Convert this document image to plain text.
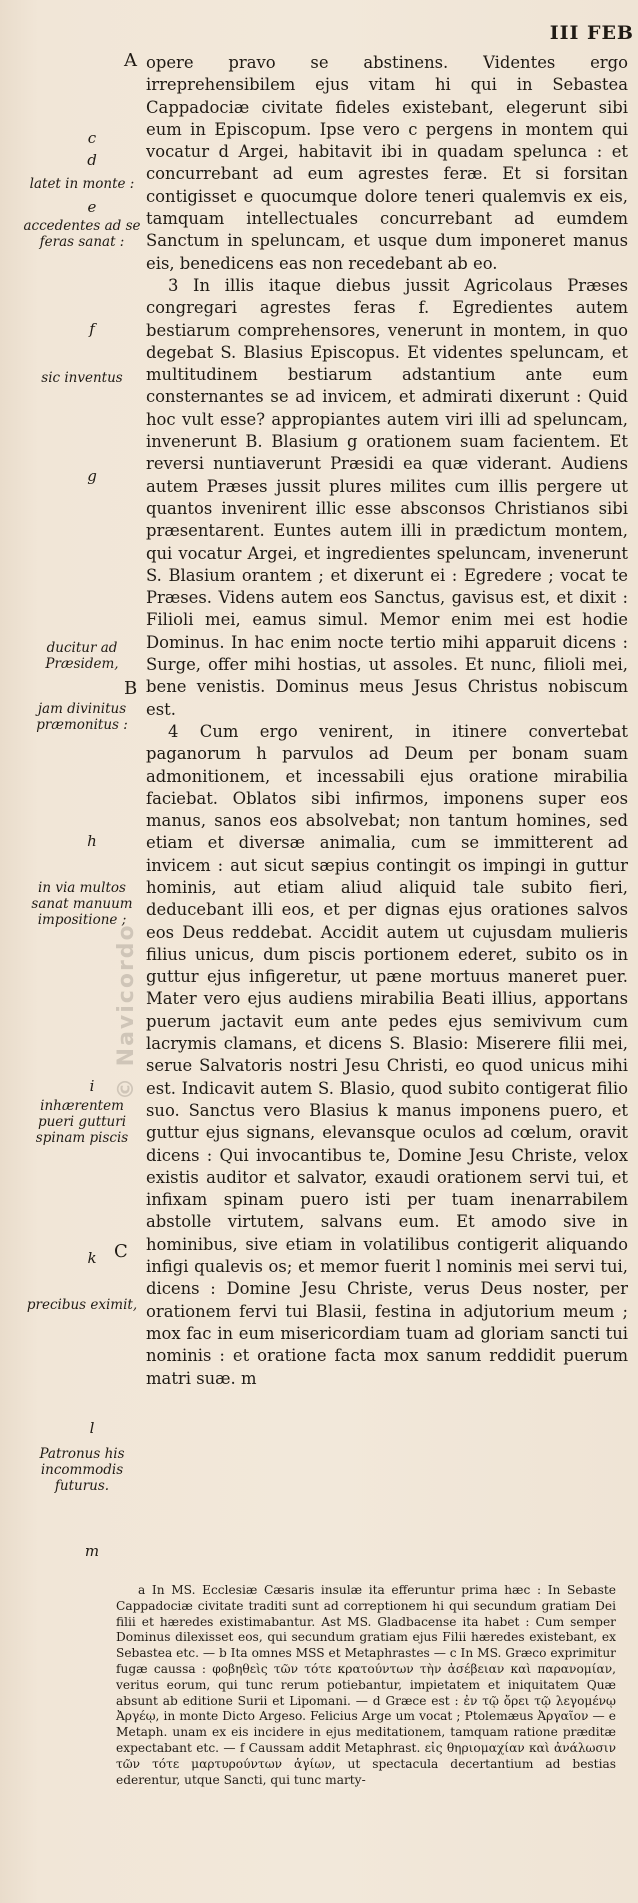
III FEB
A
B
C
c
d
latet in monte :
e
accedentes ad se feras sanat :
f
sic inventus
g
ducitur ad Præsidem,
jam divinitus præmonitus :
h
in via multos sanat manuum impositione ;
i
inhærentem pueri gutturi spinam piscis
k
precibus eximit,
l
Patronus his incommodis futurus.
m

opere pravo se abstinens. Videntes ergo irreprehensibilem ejus vitam hi qui in Sebastea Cappadociæ civitate fideles existebant, elegerunt sibi eum in Episcopum. Ipse vero c pergens in montem qui vocatur d Argei, habitavit ibi in quadam spelunca : et concurrebant ad eum agrestes feræ. Et si forsitan contigisset e quocumque dolore teneri qualemvis ex eis, tamquam intellectuales concurrebant ad eumdem Sanctum in speluncam, et usque dum imponeret manus eis, benedicens eas non recedebant ab eo.

3 In illis itaque diebus jussit Agricolaus Præses congregari agrestes feras f. Egredientes autem bestiarum comprehensores, venerunt in montem, in quo degebat S. Blasius Episcopus. Et videntes speluncam, et multitudinem bestiarum adstantium ante eum consternantes se ad invicem, et admirati dixerunt : Quid hoc vult esse? appropiantes autem viri illi ad speluncam, invenerunt B. Blasium g orationem suam facientem. Et reversi nuntiaverunt Præsidi ea quæ viderant. Audiens autem Præses jussit plures milites cum illis pergere ut quantos invenirent illic esse absconsos Christianos sibi præsentarent. Euntes autem illi in prædictum montem, qui vocatur Argei, et ingredientes speluncam, invenerunt S. Blasium orantem ; et dixerunt ei : Egredere ; vocat te Præses. Videns autem eos Sanctus, gavisus est, et dixit : Filioli mei, eamus simul. Memor enim mei est hodie Dominus. In hac enim nocte tertio mihi apparuit dicens : Surge, offer mihi hostias, ut assoles. Et nunc, filioli mei, bene venistis. Dominus meus Jesus Christus nobiscum est.

4 Cum ergo venirent, in itinere convertebat paganorum h parvulos ad Deum per bonam suam admonitionem, et incessabili ejus oratione mirabilia faciebat. Oblatos sibi infirmos, imponens super eos manus, sanos eos absolvebat; non tantum homines, sed etiam et diversæ animalia, cum se immitterent ad invicem : aut sicut sæpius contingit os impingi in guttur hominis, aut etiam aliud aliquid tale subito fieri, deducebant illi eos, et per dignas ejus orationes salvos eos Deus reddebat. Accidit autem ut cujusdam mulieris filius unicus, dum piscis portionem ederet, subito os in guttur ejus infigeretur, ut pæne mortuus maneret puer. Mater vero ejus audiens mirabilia Beati illius, apportans puerum jactavit eum ante pedes ejus semivivum cum lacrymis clamans, et dicens S. Blasio: Miserere filii mei, serue Salvatoris nostri Jesu Christi, eo quod unicus mihi est. Indicavit autem S. Blasio, quod subito contigerat filio suo. Sanctus vero Blasius k manus imponens puero, et guttur ejus signans, elevansque oculos ad cœlum, oravit dicens : Qui invocantibus te, Domine Jesu Christe, velox existis auditor et salvator, exaudi orationem servi tui, et infixam spinam puero isti per tuam inenarrabilem abstolle virtutem, salvans eum. Et amodo sive in hominibus, sive etiam in volatilibus contigerit aliquando infigi qualevis os; et memor fuerit l nominis mei servi tui, dicens : Domine Jesu Christe, verus Deus noster, per orationem fervi tui Blasii, festina in adjutorium meum ; mox fac in eum misericordiam tuam ad gloriam sancti tui nominis : et oratione facta mox sanum reddidit puerum matri suæ. m

a In MS. Ecclesiæ Cæsaris insulæ ita efferuntur prima hæc : In Sebaste Cappadociæ civitate traditi sunt ad correptionem hi qui secundum gratiam Dei filii et hæredes existimabantur. Ast MS. Gladbacense ita habet : Cum semper Dominus dilexisset eos, qui secundum gratiam ejus Filii hæredes existebant, ex Sebastea etc. — b Ita omnes MSS et Metaphrastes — c In MS. Græco exprimitur fugæ caussa : φοβηθεὶς τῶν τότε κρατούντων τὴν ἀσέβειαν καὶ παρανομίαν, veritus eorum, qui tunc rerum potiebantur, impietatem et iniquitatem Quæ absunt ab editione Surii et Lipomani. — d Græce est : ἐν τῷ ὄρει τῷ λεγομένῳ Ἀργέῳ, in monte Dicto Argeso. Felicius Arge um vocat ; Ptolemæus Ἀργαῖον — e Metaph. unam ex eis incidere in ejus meditationem, tamquam ratione præditæ expectabant etc. — f Caussam addit Metaphrast. εἰς θηριομαχίαν καὶ ἀνάλωσιν τῶν τότε μαρτυρούντων ἁγίων, ut spectacula decertantium ad bestias ederentur, utque Sancti, qui tunc marty-

© Navicordo
